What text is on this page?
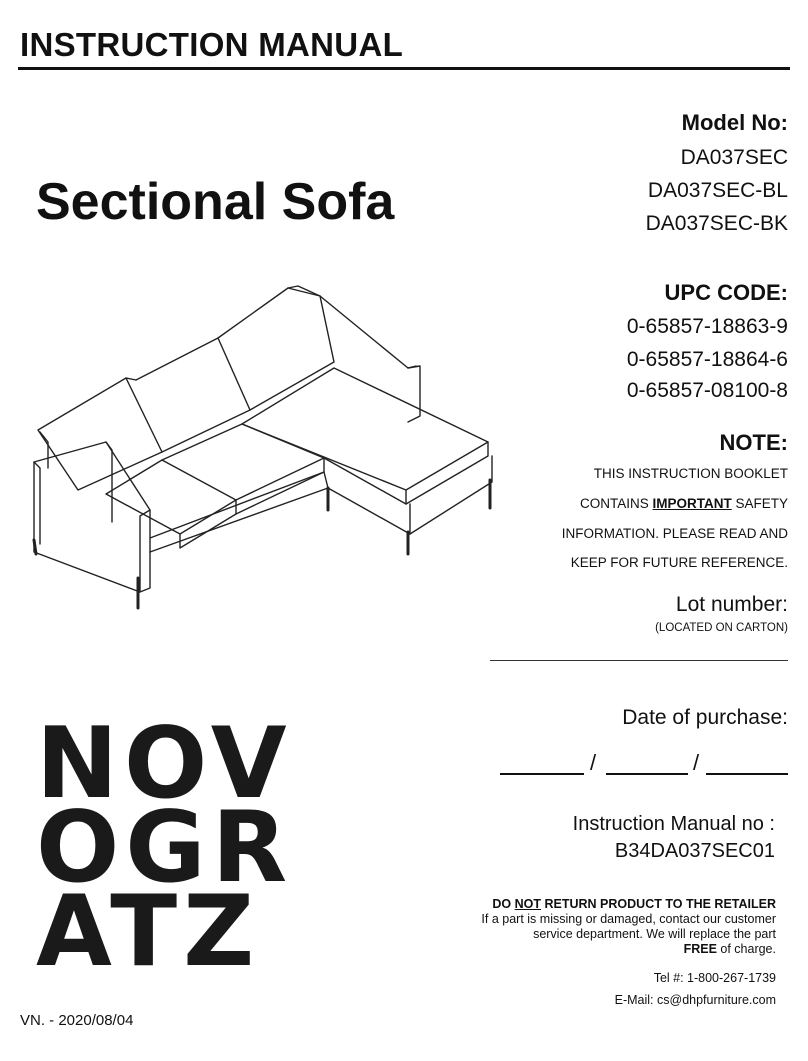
INSTRUCTION MANUAL
Sectional Sofa
Model No:
DA037SEC
DA037SEC-BL
DA037SEC-BK
UPC CODE:
0-65857-18863-9
0-65857-18864-6
0-65857-08100-8
NOTE:
THIS INSTRUCTION BOOKLET
CONTAINS IMPORTANT SAFETY
INFORMATION. PLEASE READ AND
KEEP FOR FUTURE REFERENCE.
Lot number:
(LOCATED ON CARTON)
Date of purchase:
/	/
Instruction Manual no :
B34DA037SEC01
DO NOT RETURN PRODUCT TO THE RETAILER
If a part is missing or damaged, contact our customer
service department. We will replace the part
FREE of charge.
Tel #: 1-800-267-1739
E-Mail: cs@dhpfurniture.com
VN. - 2020/08/04
NOV
OGR
ATZ
